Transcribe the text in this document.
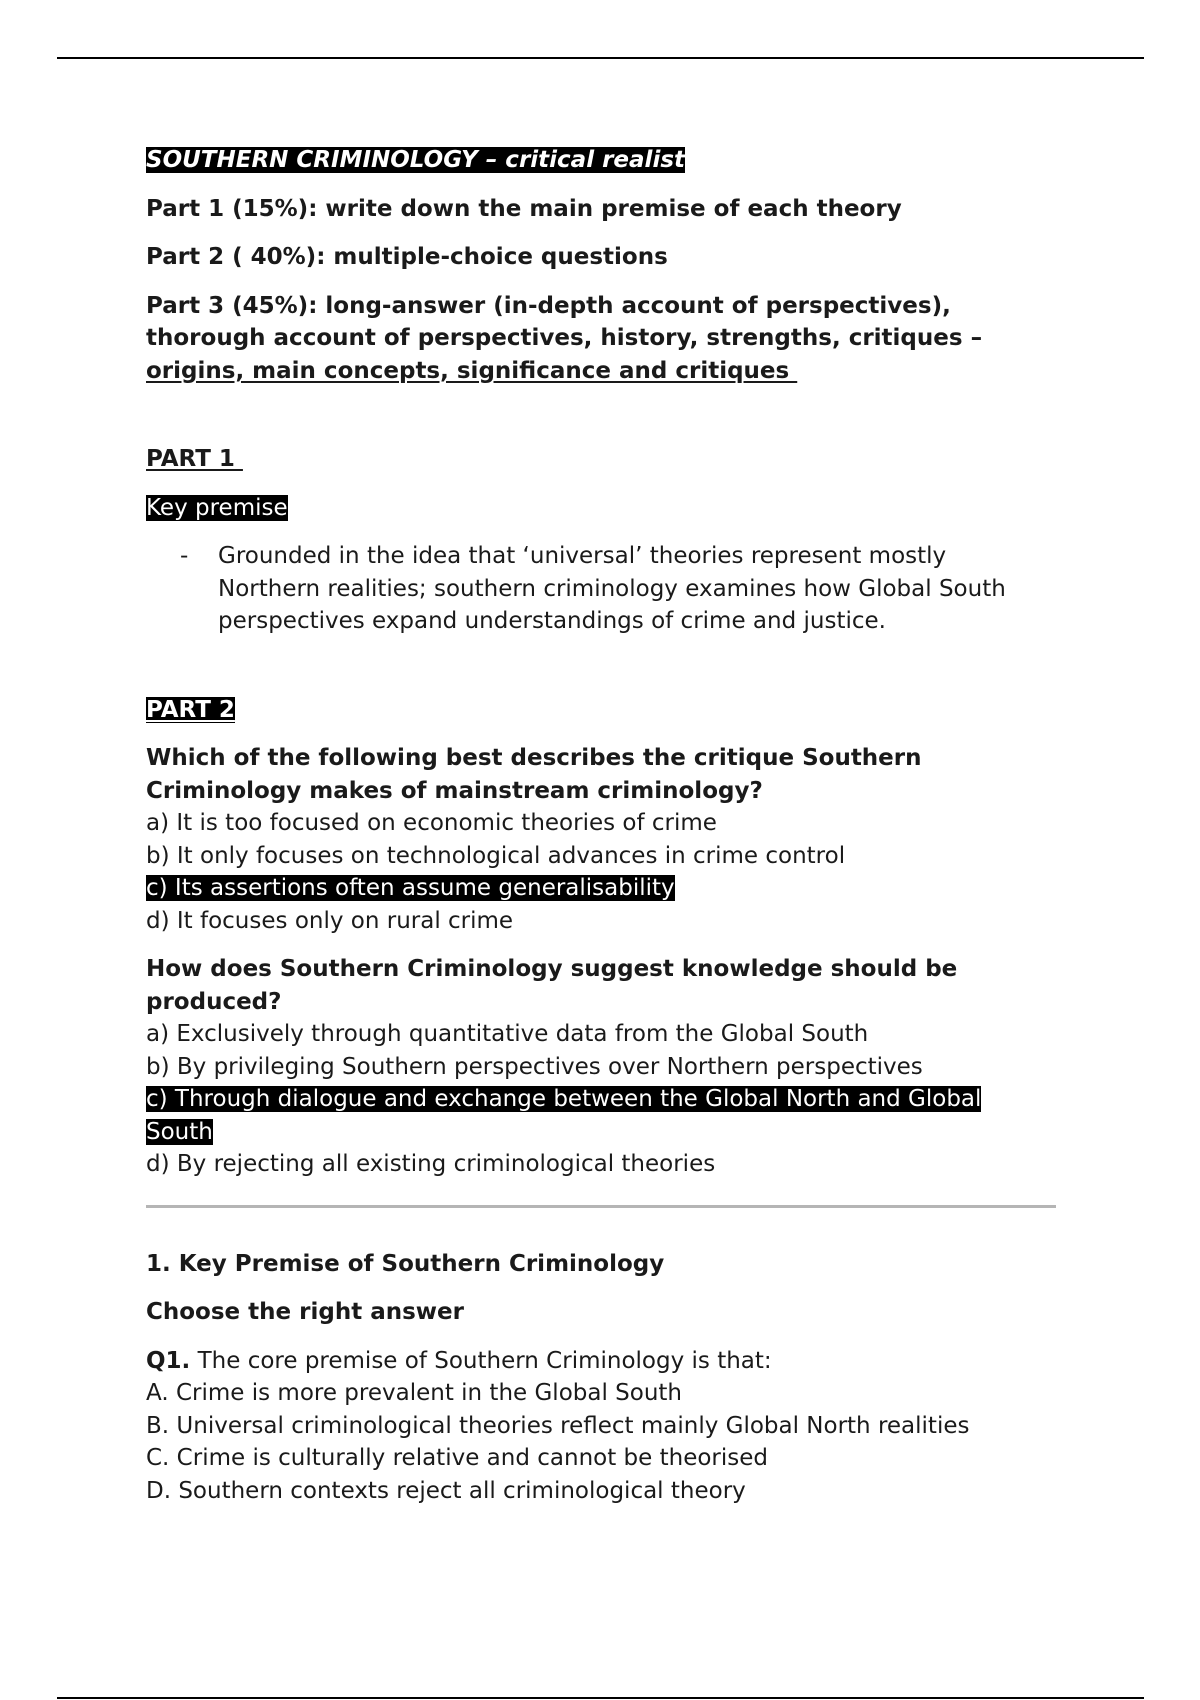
SOUTHERN CRIMINOLOGY – critical realist

Part 1 (15%): write down the main premise of each theory

Part 2 ( 40%): multiple-choice questions

Part 3 (45%): long-answer (in-depth account of perspectives),
thorough account of perspectives, history, strengths, critiques –
origins, main concepts, significance and critiques

PART 1

Key premise

- Grounded in the idea that ‘universal’ theories represent mostly
Northern realities; southern criminology examines how Global South
perspectives expand understandings of crime and justice.

PART 2

Which of the following best describes the critique Southern
Criminology makes of mainstream criminology?
a) It is too focused on economic theories of crime
b) It only focuses on technological advances in crime control
c) Its assertions often assume generalisability
d) It focuses only on rural crime
How does Southern Criminology suggest knowledge should be
produced?
a) Exclusively through quantitative data from the Global South
b) By privileging Southern perspectives over Northern perspectives
c) Through dialogue and exchange between the Global North and Global
South
d) By rejecting all existing criminological theories

1. Key Premise of Southern Criminology

Choose the right answer

Q1. The core premise of Southern Criminology is that:
A. Crime is more prevalent in the Global South
B. Universal criminological theories reflect mainly Global North realities
C. Crime is culturally relative and cannot be theorised
D. Southern contexts reject all criminological theory
